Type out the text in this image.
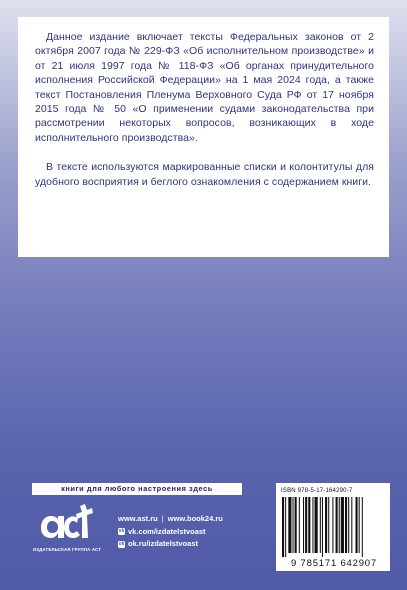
Данное издание включает тексты Федеральных законов от 2 октября 2007 года № 229-ФЗ «Об исполнительном производстве» и от 21 июля 1997 года № 118-ФЗ «Об органах принудительного исполнения Российской Федерации» на 1 мая 2024 года, а также текст Постановления Пленума Верховного Суда РФ от 17 ноября 2015 года № 50 «О применении судами законодательства при рассмотрении некоторых вопросов, возникающих в ходе исполнительного производства».

В тексте используются маркированные списки и колонтитулы для удобного восприятия и беглого ознакомления с содержанием книги.

книги для любого настроения здесь
ИЗДАТЕЛЬСКАЯ ГРУППА АСТ
www.ast.ru | www.book24.ru
vk vk.com/izdatelstvoast
ok ok.ru/izdatelstvoast
ISBN 978-5-17-164290-7
9 785171 642907
